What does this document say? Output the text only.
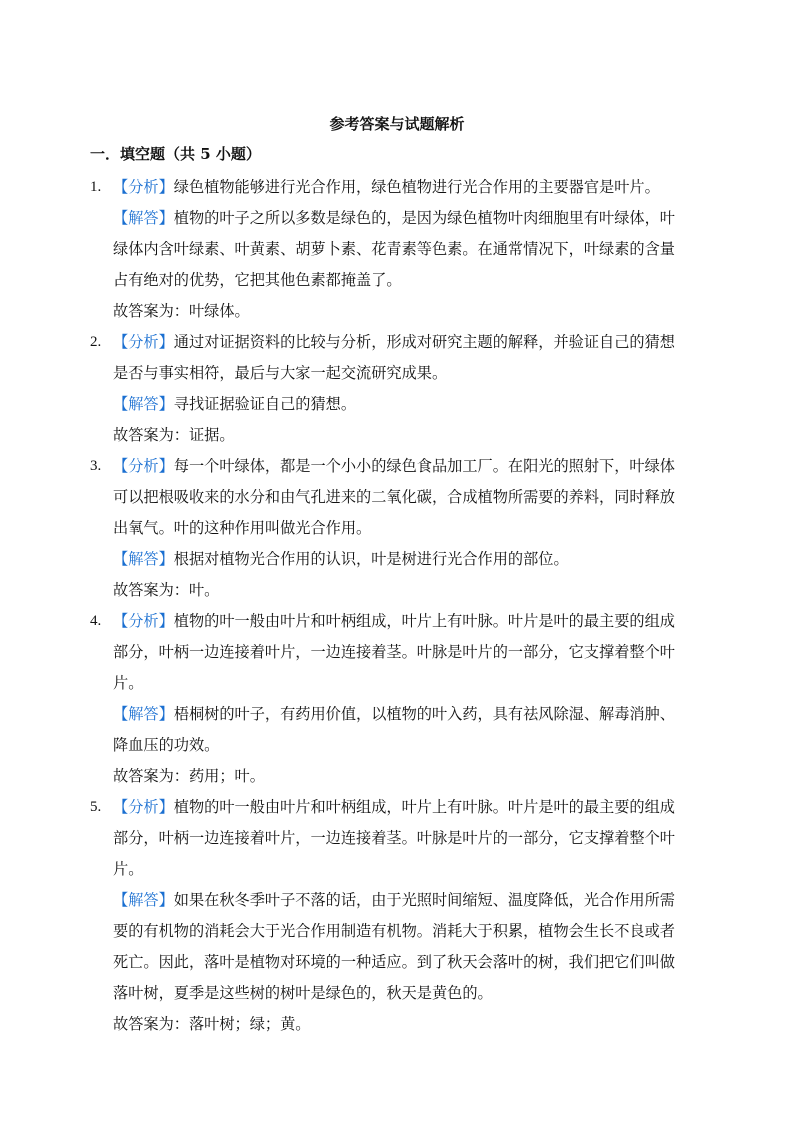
参考答案与试题解析
一．填空题（共 5 小题）
1. 【分析】绿色植物能够进行光合作用，绿色植物进行光合作用的主要器官是叶片。
【解答】植物的叶子之所以多数是绿色的，是因为绿色植物叶肉细胞里有叶绿体，叶
绿体内含叶绿素、叶黄素、胡萝卜素、花青素等色素。在通常情况下，叶绿素的含量
占有绝对的优势，它把其他色素都掩盖了。
故答案为：叶绿体。
2. 【分析】通过对证据资料的比较与分析，形成对研究主题的解释，并验证自己的猜想
是否与事实相符，最后与大家一起交流研究成果。
【解答】寻找证据验证自己的猜想。
故答案为：证据。
3. 【分析】每一个叶绿体，都是一个小小的绿色食品加工厂。在阳光的照射下，叶绿体
可以把根吸收来的水分和由气孔进来的二氧化碳，合成植物所需要的养料，同时释放
出氧气。叶的这种作用叫做光合作用。
【解答】根据对植物光合作用的认识，叶是树进行光合作用的部位。
故答案为：叶。
4. 【分析】植物的叶一般由叶片和叶柄组成，叶片上有叶脉。叶片是叶的最主要的组成
部分，叶柄一边连接着叶片，一边连接着茎。叶脉是叶片的一部分，它支撑着整个叶
片。
【解答】梧桐树的叶子，有药用价值，以植物的叶入药，具有祛风除湿、解毒消肿、
降血压的功效。
故答案为：药用；叶。
5. 【分析】植物的叶一般由叶片和叶柄组成，叶片上有叶脉。叶片是叶的最主要的组成
部分，叶柄一边连接着叶片，一边连接着茎。叶脉是叶片的一部分，它支撑着整个叶
片。
【解答】如果在秋冬季叶子不落的话，由于光照时间缩短、温度降低，光合作用所需
要的有机物的消耗会大于光合作用制造有机物。消耗大于积累，植物会生长不良或者
死亡。因此，落叶是植物对环境的一种适应。到了秋天会落叶的树，我们把它们叫做
落叶树，夏季是这些树的树叶是绿色的，秋天是黄色的。
故答案为：落叶树；绿；黄。
